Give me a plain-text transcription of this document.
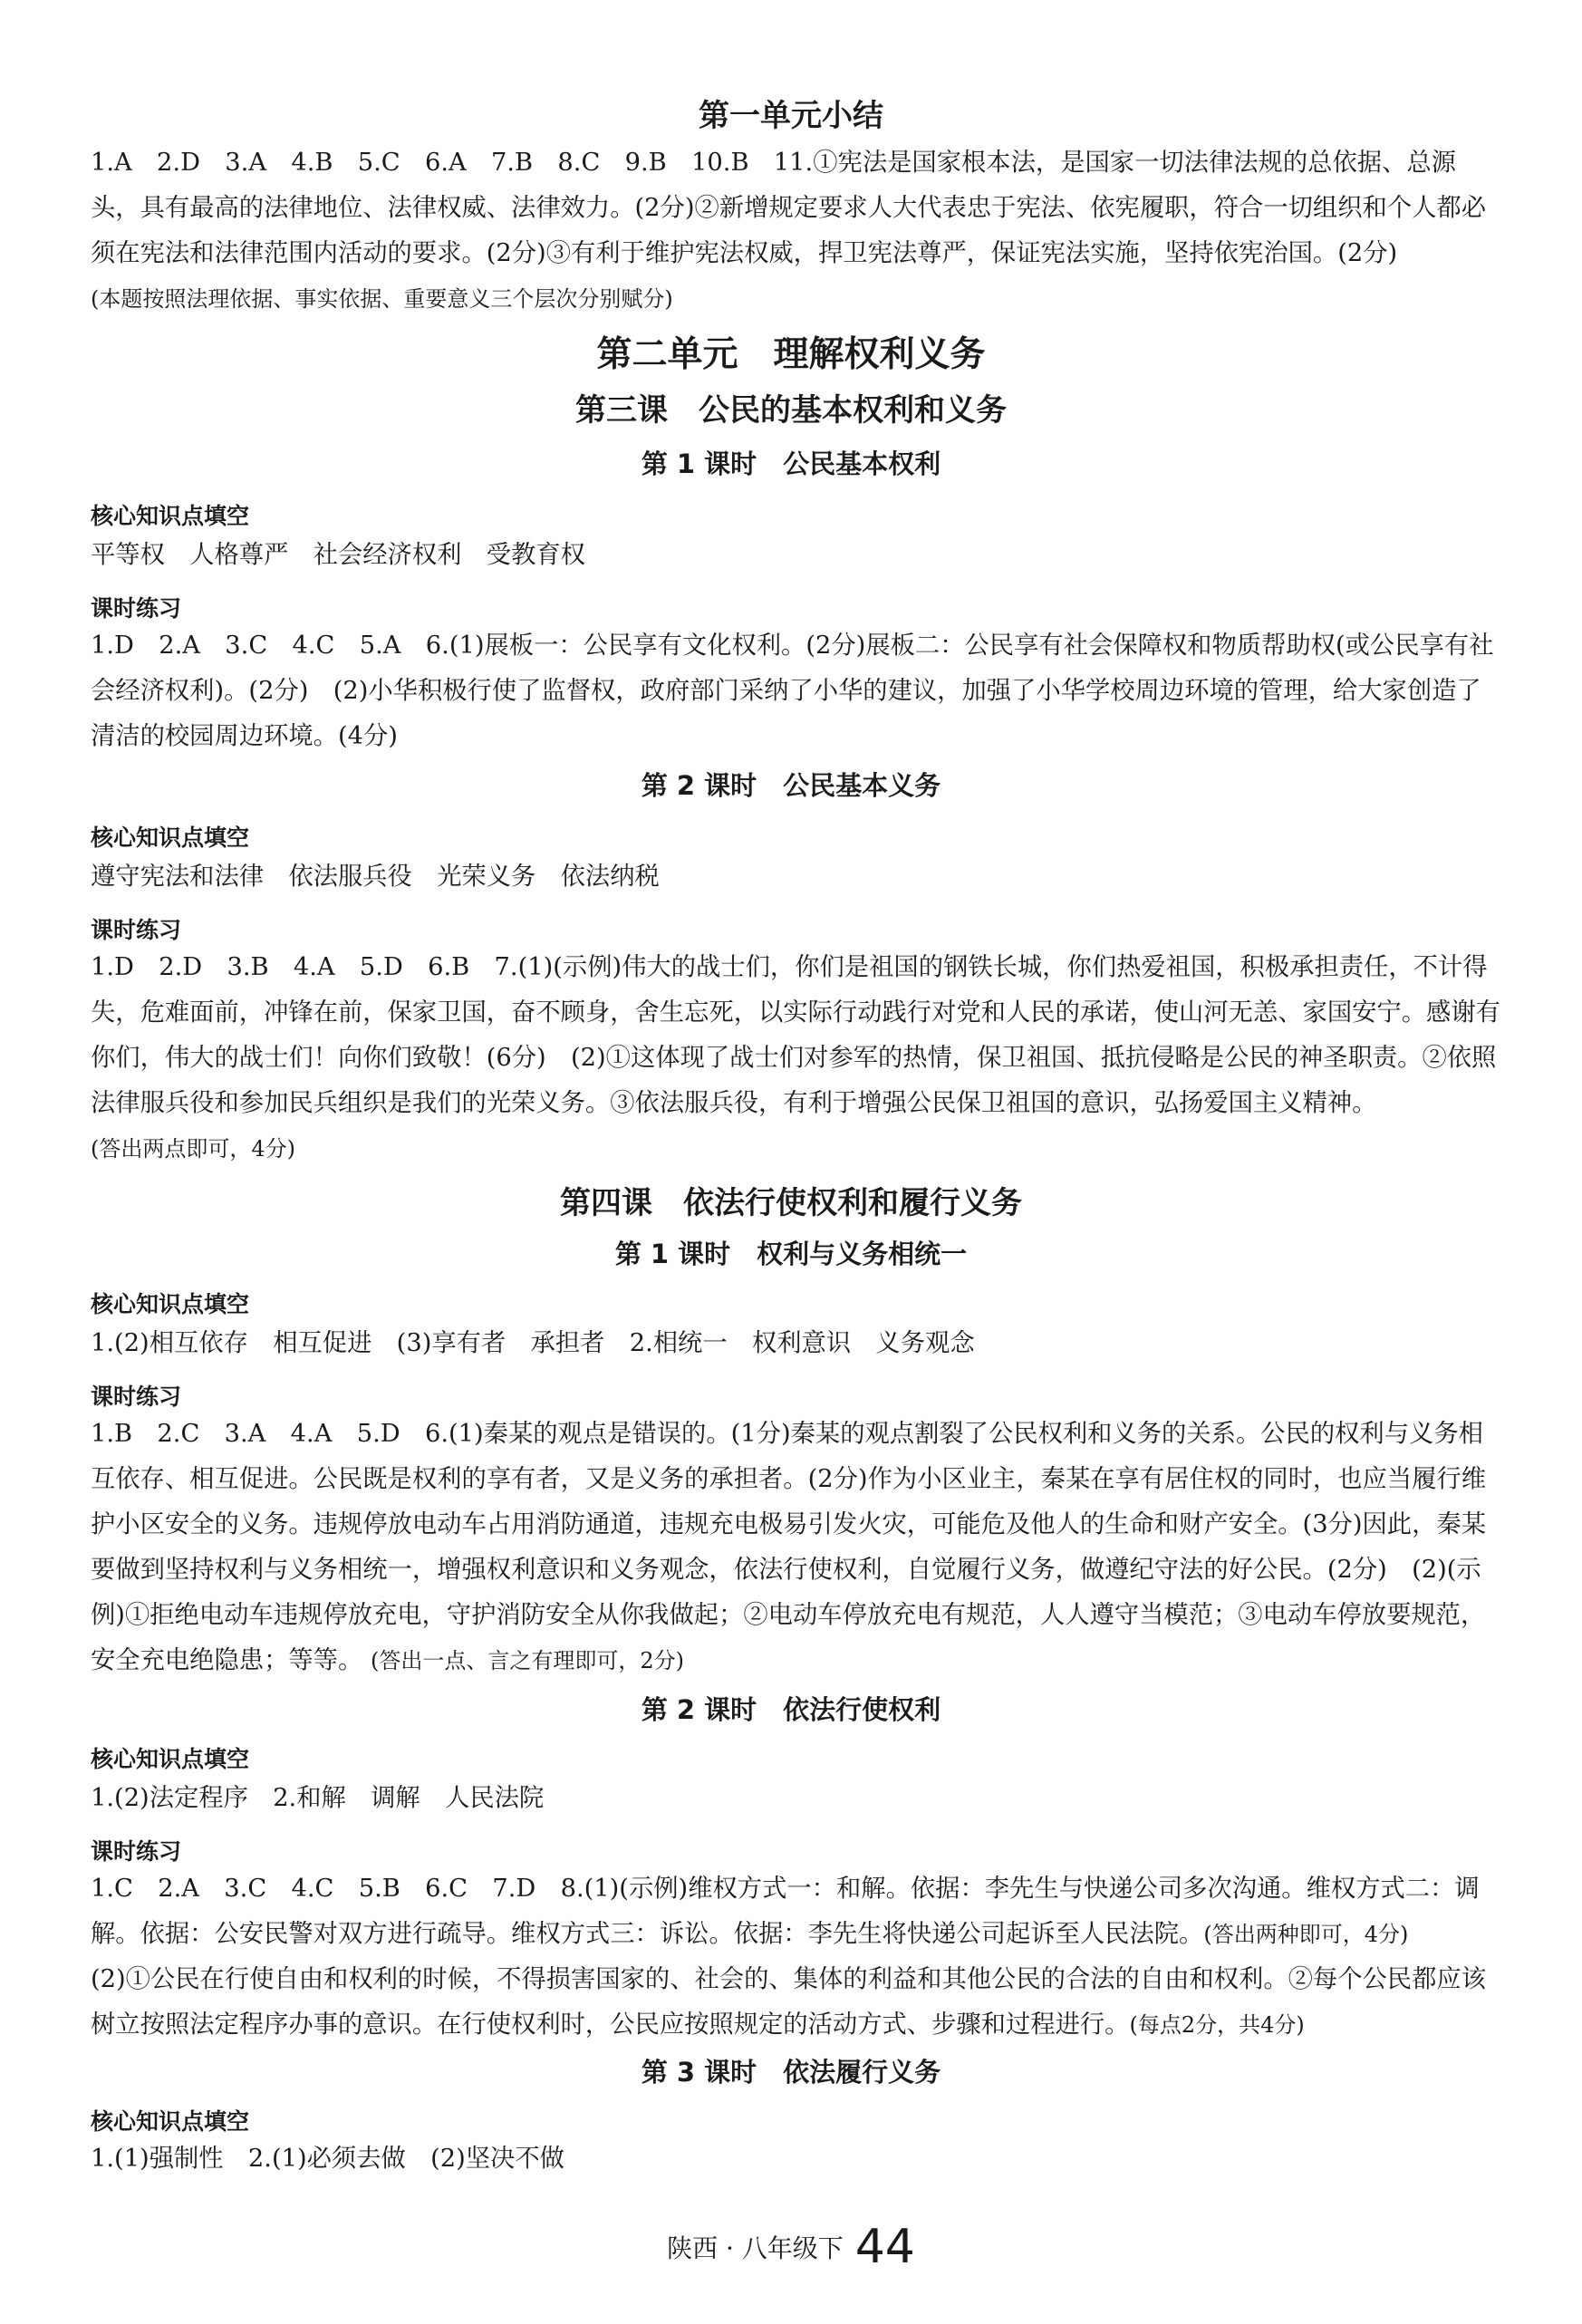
第一单元小结
1.A　2.D　3.A　4.B　5.C　6.A　7.B　8.C　9.B　10.B　11.①宪法是国家根本法，是国家一切法律法规的总依据、总源头，具有最高的法律地位、法律权威、法律效力。(2分)②新增规定要求人大代表忠于宪法、依宪履职，符合一切组织和个人都必须在宪法和法律范围内活动的要求。(2分)③有利于维护宪法权威，捍卫宪法尊严，保证宪法实施，坚持依宪治国。(2分)
(本题按照法理依据、事实依据、重要意义三个层次分别赋分)
第二单元　理解权利义务
第三课　公民的基本权利和义务
第 1 课时　公民基本权利
核心知识点填空
平等权　人格尊严　社会经济权利　受教育权
课时练习
1.D　2.A　3.C　4.C　5.A　6.(1)展板一：公民享有文化权利。(2分)展板二：公民享有社会保障权和物质帮助权(或公民享有社会经济权利)。(2分)　(2)小华积极行使了监督权，政府部门采纳了小华的建议，加强了小华学校周边环境的管理，给大家创造了清洁的校园周边环境。(4分)
第 2 课时　公民基本义务
核心知识点填空
遵守宪法和法律　依法服兵役　光荣义务　依法纳税
课时练习
1.D　2.D　3.B　4.A　5.D　6.B　7.(1)(示例)伟大的战士们，你们是祖国的钢铁长城，你们热爱祖国，积极承担责任，不计得失，危难面前，冲锋在前，保家卫国，奋不顾身，舍生忘死，以实际行动践行对党和人民的承诺，使山河无恙、家国安宁。感谢有你们，伟大的战士们！向你们致敬！(6分)　(2)①这体现了战士们对参军的热情，保卫祖国、抵抗侵略是公民的神圣职责。②依照法律服兵役和参加民兵组织是我们的光荣义务。③依法服兵役，有利于增强公民保卫祖国的意识，弘扬爱国主义精神。
(答出两点即可，4分)
第四课　依法行使权利和履行义务
第 1 课时　权利与义务相统一
核心知识点填空
1.(2)相互依存　相互促进　(3)享有者　承担者　2.相统一　权利意识　义务观念
课时练习
1.B　2.C　3.A　4.A　5.D　6.(1)秦某的观点是错误的。(1分)秦某的观点割裂了公民权利和义务的关系。公民的权利与义务相互依存、相互促进。公民既是权利的享有者，又是义务的承担者。(2分)作为小区业主，秦某在享有居住权的同时，也应当履行维护小区安全的义务。违规停放电动车占用消防通道，违规充电极易引发火灾，可能危及他人的生命和财产安全。(3分)因此，秦某要做到坚持权利与义务相统一，增强权利意识和义务观念，依法行使权利，自觉履行义务，做遵纪守法的好公民。(2分)　(2)(示例)①拒绝电动车违规停放充电，守护消防安全从你我做起；②电动车停放充电有规范，人人遵守当模范；③电动车停放要规范，安全充电绝隐患；等等。 (答出一点、言之有理即可，2分)
第 2 课时　依法行使权利
核心知识点填空
1.(2)法定程序　2.和解　调解　人民法院
课时练习
1.C　2.A　3.C　4.C　5.B　6.C　7.D　8.(1)(示例)维权方式一：和解。依据：李先生与快递公司多次沟通。维权方式二：调解。依据：公安民警对双方进行疏导。维权方式三：诉讼。依据：李先生将快递公司起诉至人民法院。(答出两种即可，4分)
(2)①公民在行使自由和权利的时候，不得损害国家的、社会的、集体的利益和其他公民的合法的自由和权利。②每个公民都应该树立按照法定程序办事的意识。在行使权利时，公民应按照规定的活动方式、步骤和过程进行。(每点2分，共4分)
第 3 课时　依法履行义务
核心知识点填空
1.(1)强制性　2.(1)必须去做　(2)坚决不做
陕西 · 八年级下 44
